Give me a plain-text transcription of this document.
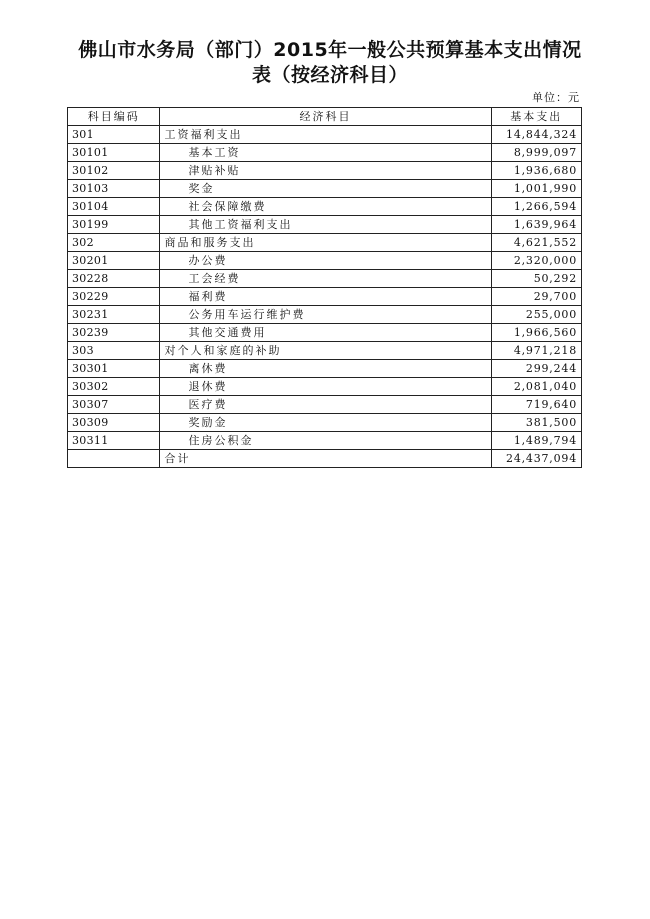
佛山市水务局（部门）2015年一般公共预算基本支出情况
表（按经济科目）
单位：元
科目编码	经济科目	基本支出
301	工资福利支出	14,844,324
30101	基本工资	8,999,097
30102	津贴补贴	1,936,680
30103	奖金	1,001,990
30104	社会保障缴费	1,266,594
30199	其他工资福利支出	1,639,964
302	商品和服务支出	4,621,552
30201	办公费	2,320,000
30228	工会经费	50,292
30229	福利费	29,700
30231	公务用车运行维护费	255,000
30239	其他交通费用	1,966,560
303	对个人和家庭的补助	4,971,218
30301	离休费	299,244
30302	退休费	2,081,040
30307	医疗费	719,640
30309	奖励金	381,500
30311	住房公积金	1,489,794
	合计	24,437,094
